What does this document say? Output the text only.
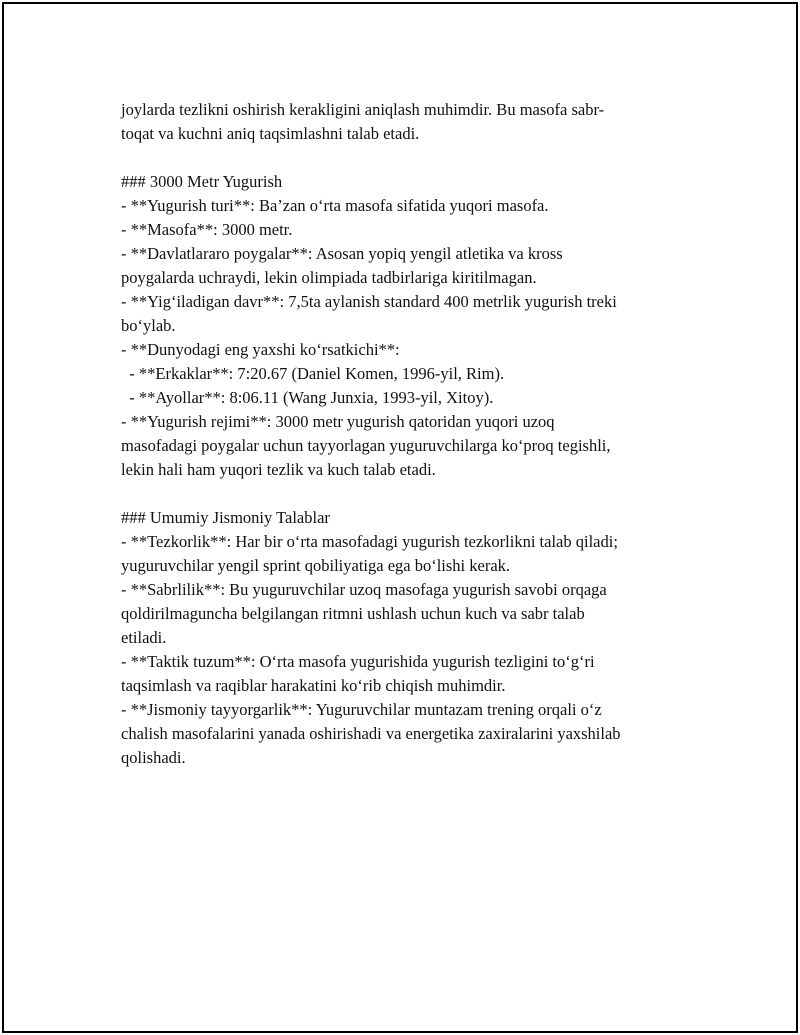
joylarda tezlikni oshirish kerakligini aniqlash muhimdir. Bu masofa sabr-
toqat va kuchni aniq taqsimlashni talab etadi.
### 3000 Metr Yugurish
- **Yugurish turi**: Ba’zan o‘rta masofa sifatida yuqori masofa.
- **Masofa**: 3000 metr.
- **Davlatlararo poygalar**: Asosan yopiq yengil atletika va kross
poygalarda uchraydi, lekin olimpiada tadbirlariga kiritilmagan.
- **Yig‘iladigan davr**: 7,5ta aylanish standard 400 metrlik yugurish treki
bo‘ylab.
- **Dunyodagi eng yaxshi ko‘rsatkichi**:
- **Erkaklar**: 7:20.67 (Daniel Komen, 1996-yil, Rim).
- **Ayollar**: 8:06.11 (Wang Junxia, 1993-yil, Xitoy).
- **Yugurish rejimi**: 3000 metr yugurish qatoridan yuqori uzoq
masofadagi poygalar uchun tayyorlagan yuguruvchilarga ko‘proq tegishli,
lekin hali ham yuqori tezlik va kuch talab etadi.
### Umumiy Jismoniy Talablar
- **Tezkorlik**: Har bir o‘rta masofadagi yugurish tezkorlikni talab qiladi;
yuguruvchilar yengil sprint qobiliyatiga ega bo‘lishi kerak.
- **Sabrlilik**: Bu yuguruvchilar uzoq masofaga yugurish savobi orqaga
qoldirilmaguncha belgilangan ritmni ushlash uchun kuch va sabr talab
etiladi.
- **Taktik tuzum**: O‘rta masofa yugurishida yugurish tezligini to‘g‘ri
taqsimlash va raqiblar harakatini ko‘rib chiqish muhimdir.
- **Jismoniy tayyorgarlik**: Yuguruvchilar muntazam trening orqali o‘z
chalish masofalarini yanada oshirishadi va energetika zaxiralarini yaxshilab
qolishadi.
